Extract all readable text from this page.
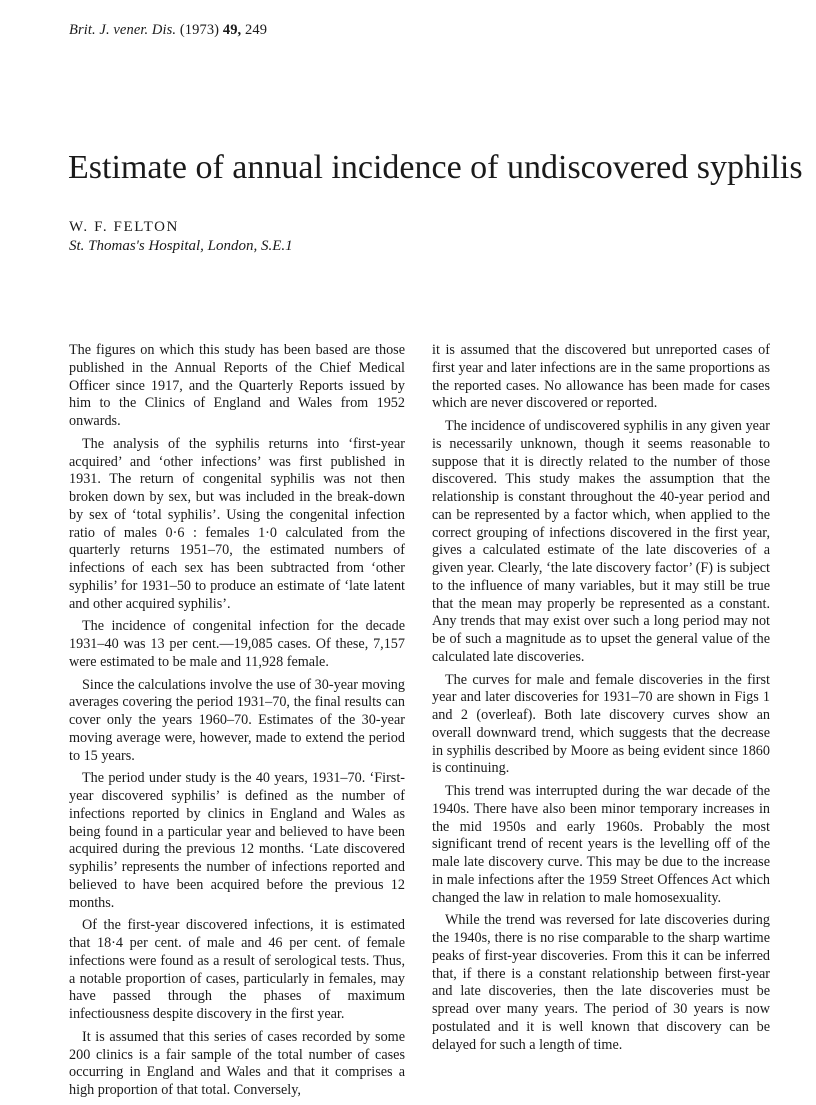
Brit. J. vener. Dis. (1973) 49, 249
Estimate of annual incidence of undiscovered syphilis
W. F. FELTON
St. Thomas's Hospital, London, S.E.1

The figures on which this study has been based are those published in the Annual Reports of the Chief Medical Officer since 1917, and the Quarterly Reports issued by him to the Clinics of England and Wales from 1952 onwards.

The analysis of the syphilis returns into ‘first-year acquired’ and ‘other infections’ was first published in 1931. The return of congenital syphilis was not then broken down by sex, but was included in the break-down by sex of ‘total syphilis’. Using the congenital infection ratio of males 0·6 : females 1·0 calculated from the quarterly returns 1951–70, the estimated numbers of infections of each sex has been subtracted from ‘other syphilis’ for 1931–50 to produce an estimate of ‘late latent and other acquired syphilis’.

The incidence of congenital infection for the decade 1931–40 was 13 per cent.—19,085 cases. Of these, 7,157 were estimated to be male and 11,928 female.

Since the calculations involve the use of 30-year moving averages covering the period 1931–70, the final results can cover only the years 1960–70. Estimates of the 30-year moving average were, however, made to extend the period to 15 years.

The period under study is the 40 years, 1931–70. ‘First-year discovered syphilis’ is defined as the number of infections reported by clinics in England and Wales as being found in a particular year and believed to have been acquired during the previous 12 months. ‘Late discovered syphilis’ represents the number of infections reported and believed to have been acquired before the previous 12 months.

Of the first-year discovered infections, it is estimated that 18·4 per cent. of male and 46 per cent. of female infections were found as a result of serological tests. Thus, a notable proportion of cases, particularly in females, may have passed through the phases of maximum infectiousness despite discovery in the first year.

It is assumed that this series of cases recorded by some 200 clinics is a fair sample of the total number of cases occurring in England and Wales and that it comprises a high proportion of that total. Conversely,

it is assumed that the discovered but unreported cases of first year and later infections are in the same proportions as the reported cases. No allowance has been made for cases which are never discovered or reported.

The incidence of undiscovered syphilis in any given year is necessarily unknown, though it seems reasonable to suppose that it is directly related to the number of those discovered. This study makes the assumption that the relationship is constant throughout the 40-year period and can be represented by a factor which, when applied to the correct grouping of infections discovered in the first year, gives a calculated estimate of the late discoveries of a given year. Clearly, ‘the late discovery factor’ (F) is subject to the influence of many variables, but it may still be true that the mean may properly be represented as a constant. Any trends that may exist over such a long period may not be of such a magnitude as to upset the general value of the calculated late discoveries.

The curves for male and female discoveries in the first year and later discoveries for 1931–70 are shown in Figs 1 and 2 (overleaf). Both late discovery curves show an overall downward trend, which suggests that the decrease in syphilis described by Moore as being evident since 1860 is continuing.

This trend was interrupted during the war decade of the 1940s. There have also been minor temporary increases in the mid 1950s and early 1960s. Probably the most significant trend of recent years is the levelling off of the male late discovery curve. This may be due to the increase in male infections after the 1959 Street Offences Act which changed the law in relation to male homosexuality.

While the trend was reversed for late discoveries during the 1940s, there is no rise comparable to the sharp wartime peaks of first-year discoveries. From this it can be inferred that, if there is a constant relationship between first-year and late discoveries, then the late discoveries must be spread over many years. The period of 30 years is now postulated and it is well known that discovery can be delayed for such a length of time.
